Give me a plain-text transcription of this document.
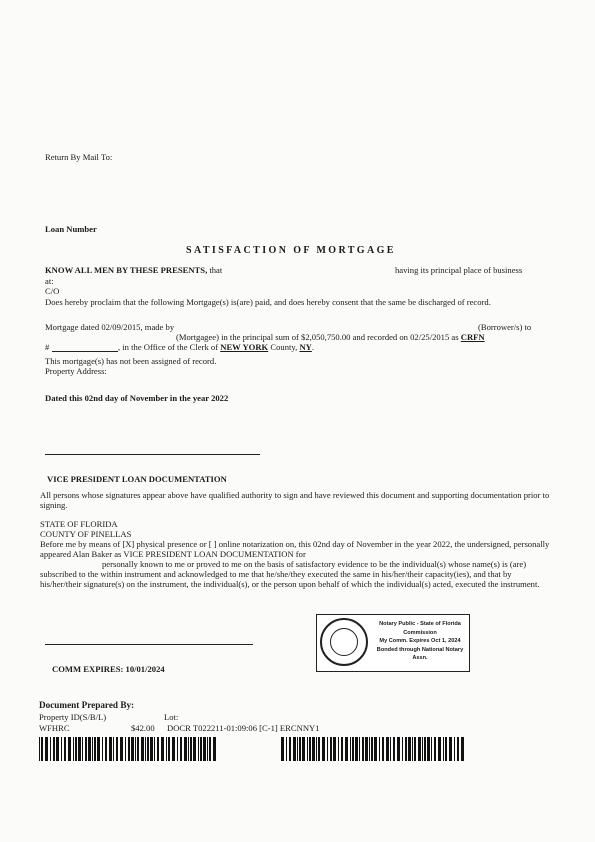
Return By Mail To:
Loan Number
SATISFACTION OF MORTGAGE
KNOW ALL MEN BY THESE PRESENTS, that	having its principal place of business
at:
C/O
Does hereby proclaim that the following Mortgage(s) is(are) paid, and does hereby consent that the same be discharged of record.
Mortgage dated 02/09/2015, made by	(Borrower/s) to
(Mortgagee) in the principal sum of $2,050,750.00 and recorded on 02/25/2015 as CRFN
#	, in the Office of the Clerk of NEW YORK County, NY.
This mortgage(s) has not been assigned of record.
Property Address:
Dated this 02nd day of November in the year 2022
VICE PRESIDENT LOAN DOCUMENTATION
All persons whose signatures appear above have qualified authority to sign and have reviewed this document and supporting documentation prior to signing.
STATE OF FLORIDA
COUNTY OF PINELLAS
Before me by means of [X] physical presence or [ ] online notarization on, this 02nd day of November in the year 2022, the undersigned, personally appeared Alan Baker as VICE PRESIDENT LOAN DOCUMENTATION for
personally known to me or proved to me on the basis of satisfactory evidence to be the individual(s) whose name(s) is (are) subscribed to the within instrument and acknowledged to me that he/she/they executed the same in his/her/their capacity(ies), and that by his/her/their signature(s) on the instrument, the individual(s), or the person upon behalf of which the individual(s) acted, executed the instrument.
Notary Public - State of Florida
Commission
My Comm. Expires Oct 1, 2024
Bonded through National Notary Assn.
COMM EXPIRES: 10/01/2024
Document Prepared By:
Property ID(S/B/L)	Lot:
WFHRC	$42.00 DOCR T022211-01:09:06 [C-1] ERCNNY1
